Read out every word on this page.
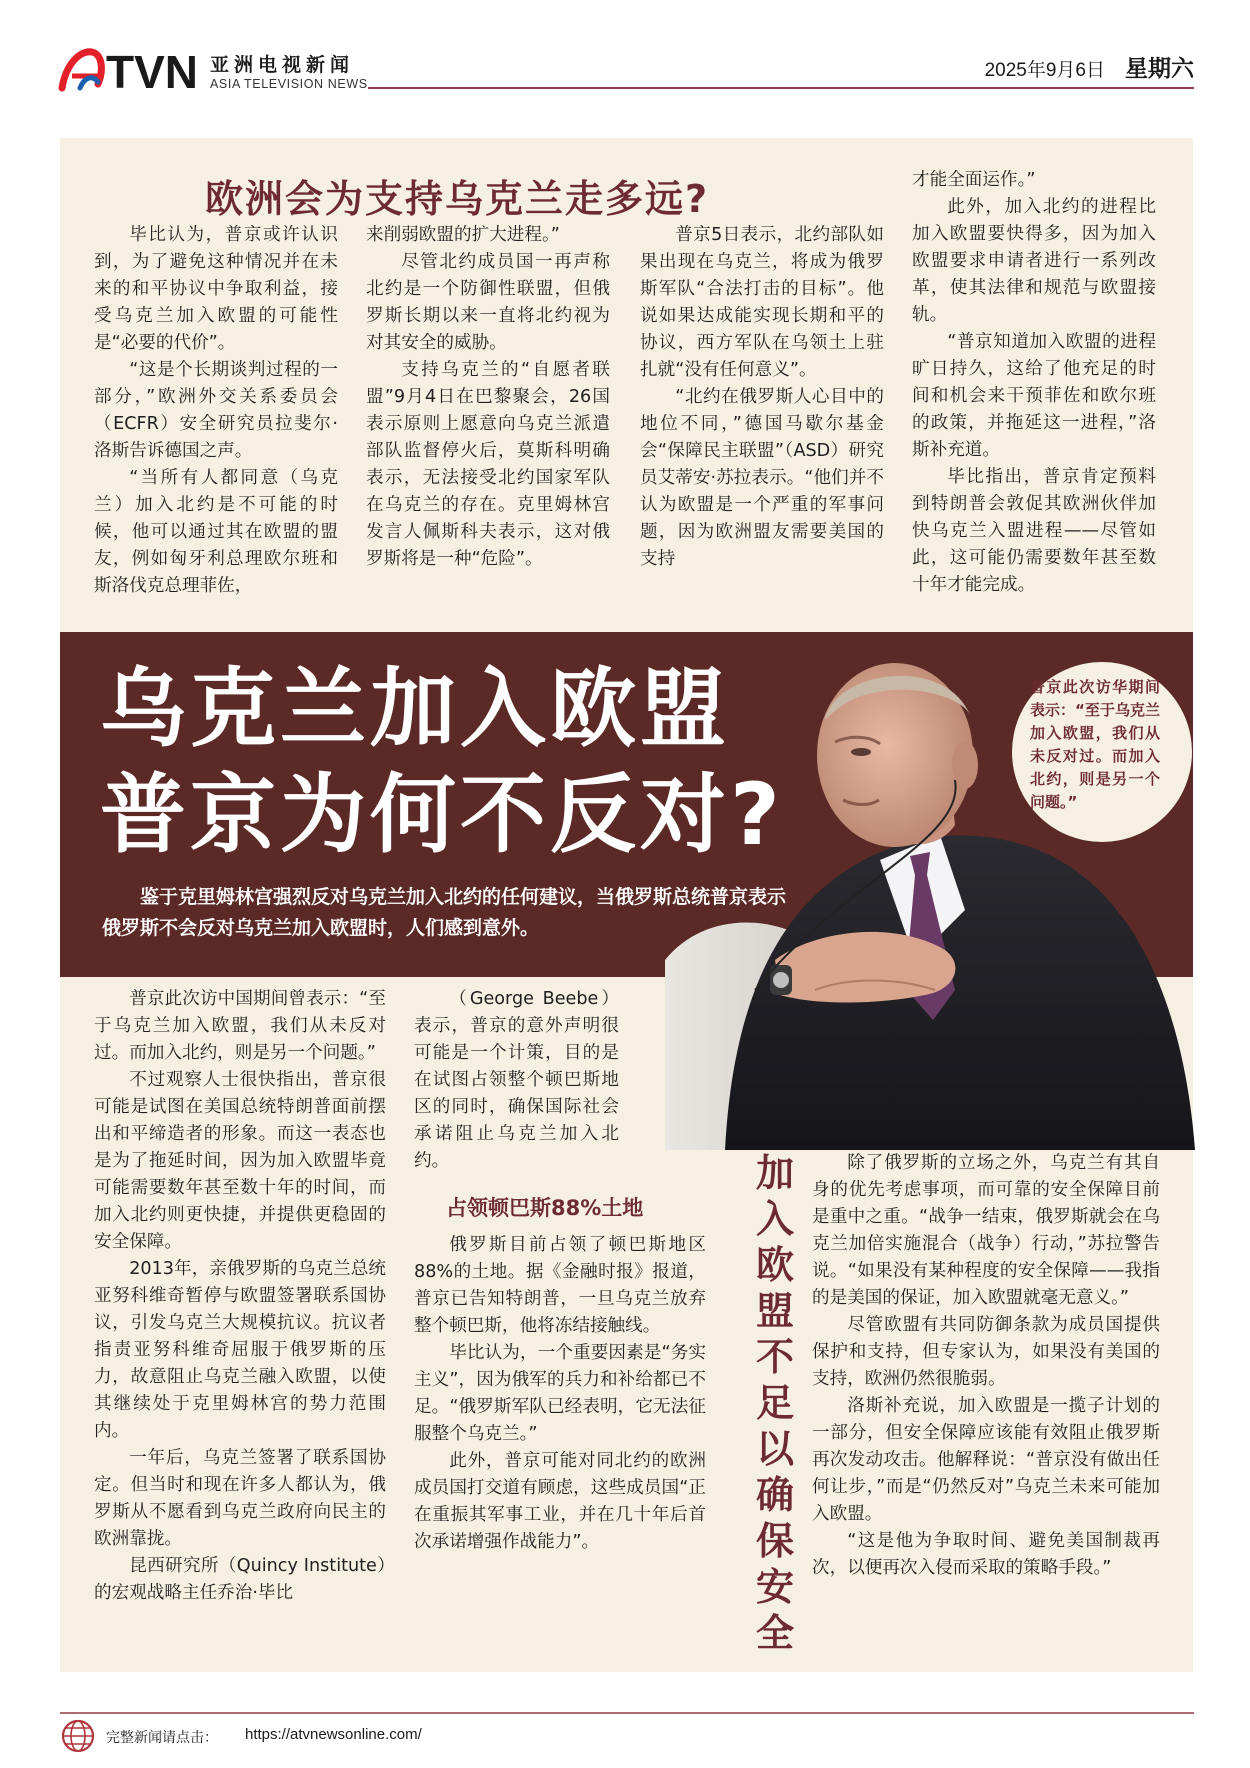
TVN 亚洲电视新闻
ASIA TELEVISION NEWS
2025年9月6日 星期六
欧洲会为支持乌克兰走多远?

毕比认为，普京或许认识到，为了避免这种情况并在未来的和平协议中争取利益，接受乌克兰加入欧盟的可能性是“必要的代价”。

“这是个长期谈判过程的一部分，”欧洲外交关系委员会（ECFR）安全研究员拉斐尔·洛斯告诉德国之声。

“当所有人都同意（乌克兰）加入北约是不可能的时候，他可以通过其在欧盟的盟友，例如匈牙利总理欧尔班和斯洛伐克总理菲佐，

来削弱欧盟的扩大进程。”

尽管北约成员国一再声称北约是一个防御性联盟，但俄罗斯长期以来一直将北约视为对其安全的威胁。

支持乌克兰的“自愿者联盟”9月4日在巴黎聚会，26国表示原则上愿意向乌克兰派遣部队监督停火后，莫斯科明确表示，无法接受北约国家军队在乌克兰的存在。克里姆林宫发言人佩斯科夫表示，这对俄罗斯将是一种“危险”。

普京5日表示，北约部队如果出现在乌克兰，将成为俄罗斯军队“合法打击的目标”。他说如果达成能实现长期和平的协议，西方军队在乌领土上驻扎就“没有任何意义”。

“北约在俄罗斯人心目中的地位不同，”德国马歇尔基金会“保障民主联盟”（ASD）研究员艾蒂安·苏拉表示。“他们并不认为欧盟是一个严重的军事问题，因为欧洲盟友需要美国的支持

才能全面运作。”

此外，加入北约的进程比加入欧盟要快得多，因为加入欧盟要求申请者进行一系列改革，使其法律和规范与欧盟接轨。

“普京知道加入欧盟的进程旷日持久，这给了他充足的时间和机会来干预菲佐和欧尔班的政策，并拖延这一进程，”洛斯补充道。

毕比指出，普京肯定预料到特朗普会敦促其欧洲伙伴加快乌克兰入盟进程——尽管如此，这可能仍需要数年甚至数十年才能完成。

乌克兰加入欧盟
普京为何不反对?
鉴于克里姆林宫强烈反对乌克兰加入北约的任何建议，当俄罗斯总统普京表示俄罗斯不会反对乌克兰加入欧盟时，人们感到意外。
普京此次访华期间表示：“至于乌克兰加入欧盟，我们从未反对过。而加入北约，则是另一个问题。”

普京此次访中国期间曾表示：“至于乌克兰加入欧盟，我们从未反对过。而加入北约，则是另一个问题。”

不过观察人士很快指出，普京很可能是试图在美国总统特朗普面前摆出和平缔造者的形象。而这一表态也是为了拖延时间，因为加入欧盟毕竟可能需要数年甚至数十年的时间，而加入北约则更快捷，并提供更稳固的安全保障。

2013年，亲俄罗斯的乌克兰总统亚努科维奇暂停与欧盟签署联系国协议，引发乌克兰大规模抗议。抗议者指责亚努科维奇屈服于俄罗斯的压力，故意阻止乌克兰融入欧盟，以使其继续处于克里姆林宫的势力范围内。

一年后，乌克兰签署了联系国协定。但当时和现在许多人都认为，俄罗斯从不愿看到乌克兰政府向民主的欧洲靠拢。

昆西研究所（Quincy Institute）的宏观战略主任乔治·毕比

（George Beebe）表示，普京的意外声明很可能是一个计策，目的是在试图占领整个顿巴斯地区的同时，确保国际社会承诺阻止乌克兰加入北约。

占领顿巴斯88%土地

俄罗斯目前占领了顿巴斯地区88%的土地。据《金融时报》报道，普京已告知特朗普，一旦乌克兰放弃整个顿巴斯，他将冻结接触线。

毕比认为，一个重要因素是“务实主义”，因为俄军的兵力和补给都已不足。“俄罗斯军队已经表明，它无法征服整个乌克兰。”

此外，普京可能对同北约的欧洲成员国打交道有顾虑，这些成员国“正在重振其军事工业，并在几十年后首次承诺增强作战能力”。

加入欧盟不足以确保安全

除了俄罗斯的立场之外，乌克兰有其自身的优先考虑事项，而可靠的安全保障目前是重中之重。“战争一结束，俄罗斯就会在乌克兰加倍实施混合（战争）行动，”苏拉警告说。“如果没有某种程度的安全保障——我指的是美国的保证，加入欧盟就毫无意义。”

尽管欧盟有共同防御条款为成员国提供保护和支持，但专家认为，如果没有美国的支持，欧洲仍然很脆弱。

洛斯补充说，加入欧盟是一揽子计划的一部分，但安全保障应该能有效阻止俄罗斯再次发动攻击。他解释说：“普京没有做出任何让步，”而是“仍然反对”乌克兰未来可能加入欧盟。

“这是他为争取时间、避免美国制裁再次，以便再次入侵而采取的策略手段。”

完整新闻请点击： https://atvnewsonline.com/
